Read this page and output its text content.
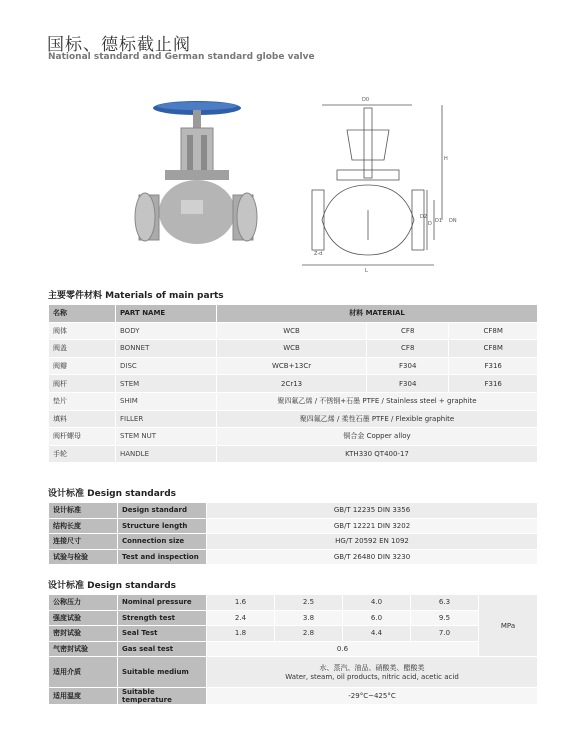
国标、德标截止阀
National standard and German standard globe valve
D0
H
L
Z-d
D D1
D2
DN
主要零件材料 Materials of main parts
名称	PART NAME	材料 MATERIAL		
阀体	BODY	WCB	CF8	CF8M
阀盖	BONNET	WCB	CF8	CF8M
阀瓣	DISC	WCB+13Cr	F304	F316
阀杆	STEM	2Cr13	F304	F316
垫片	SHIM	聚四氟乙烯 / 不锈钢+石墨 PTFE / Stainless steel + graphite		
填料	FILLER	聚四氟乙烯 / 柔性石墨 PTFE / Flexible graphite		
阀杆螺母	STEM NUT	铜合金 Copper alloy		
手轮	HANDLE	KTH330 QT400-17		
设计标准 Design standards
设计标准	Design standard	GB/T 12235 DIN 3356
结构长度	Structure length	GB/T 12221 DIN 3202
连接尺寸	Connection size	HG/T 20592 EN 1092
试验与检验	Test and inspection	GB/T 26480 DIN 3230
设计标准 Design standards
公称压力	Nominal pressure	1.6	2.5	4.0	6.3	MPa
强度试验	Strength test	2.4	3.8	6.0	9.5	
密封试验	Seal Test	1.8	2.8	4.4	7.0	
气密封试验	Gas seal test	0.6				
适用介质	Suitable medium	水、蒸汽、油品、硝酸类、醋酸类
Water, steam, oil products, nitric acid, acetic acid				

适用温度	Suitable temperature	-29°C~425°C				
